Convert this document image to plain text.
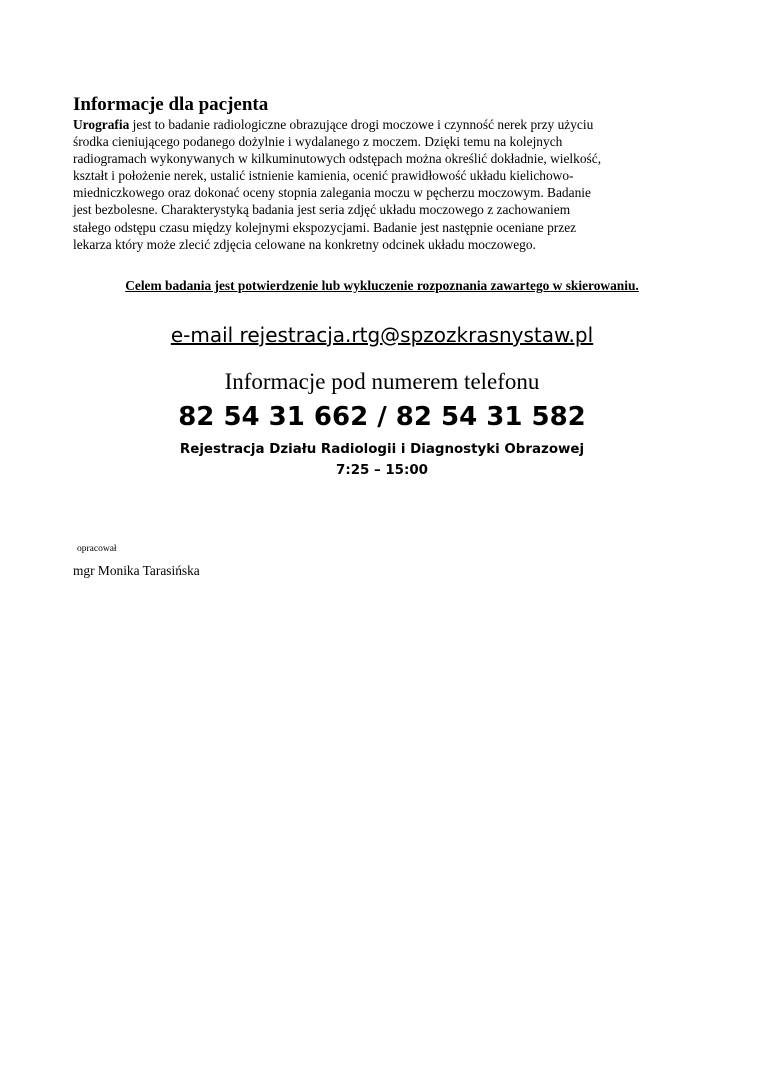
Informacje dla pacjenta
Urografia jest to badanie radiologiczne obrazujące drogi moczowe i czynność nerek przy użyciu
środka cieniującego podanego dożylnie i wydalanego z moczem. Dzięki temu na kolejnych
radiogramach wykonywanych w kilkuminutowych odstępach można określić dokładnie, wielkość,
kształt i położenie nerek, ustalić istnienie kamienia, ocenić prawidłowość układu kielichowo-
miedniczkowego oraz dokonać oceny stopnia zalegania moczu w pęcherzu moczowym. Badanie
jest bezbolesne. Charakterystyką badania jest seria zdjęć układu moczowego z zachowaniem
stałego odstępu czasu między kolejnymi ekspozycjami. Badanie jest następnie oceniane przez
lekarza który może zlecić zdjęcia celowane na konkretny odcinek układu moczowego.
Celem badania jest potwierdzenie lub wykluczenie rozpoznania zawartego w skierowaniu.
e-mail rejestracja.rtg@spzozkrasnystaw.pl
Informacje pod numerem telefonu
82 54 31 662 / 82 54 31 582
Rejestracja Działu Radiologii i Diagnostyki Obrazowej
7:25 – 15:00
opracował
mgr Monika Tarasińska
